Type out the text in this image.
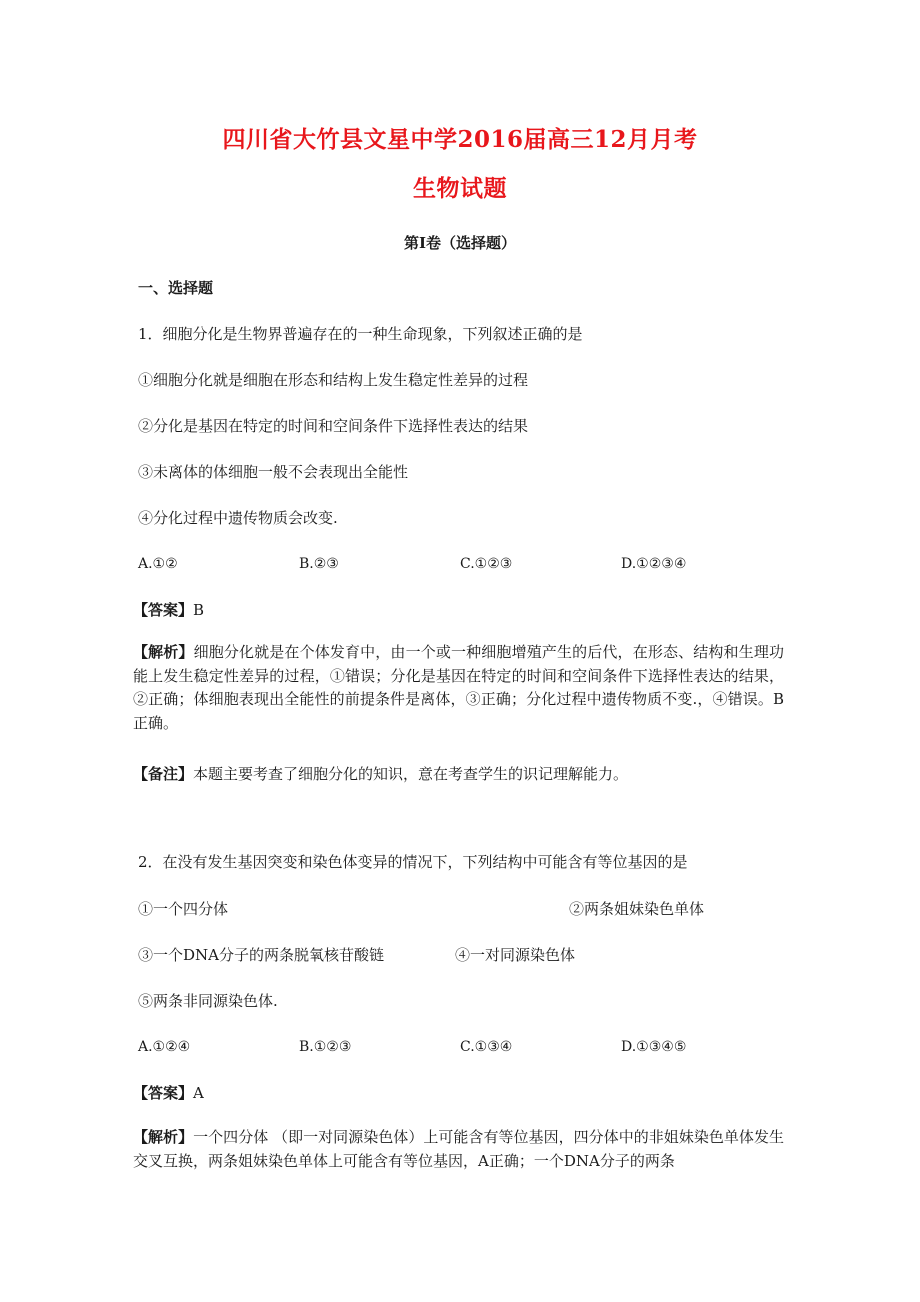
四川省大竹县文星中学2016届高三12月月考
生物试题
第Ⅰ卷（选择题）
一、选择题
1．细胞分化是生物界普遍存在的一种生命现象，下列叙述正确的是
①细胞分化就是细胞在形态和结构上发生稳定性差异的过程
②分化是基因在特定的时间和空间条件下选择性表达的结果
③未离体的体细胞一般不会表现出全能性
④分化过程中遗传物质会改变.
A.①②	B.②③	C.①②③	D.①②③④
【答案】B
【解析】细胞分化就是在个体发育中，由一个或一种细胞增殖产生的后代，在形态、结构和生理功能上发生稳定性差异的过程，①错误；分化是基因在特定的时间和空间条件下选择性表达的结果，②正确；体细胞表现出全能性的前提条件是离体，③正确；分化过程中遗传物质不变.，④错误。B正确。
【备注】本题主要考查了细胞分化的知识，意在考查学生的识记理解能力。
2．在没有发生基因突变和染色体变异的情况下，下列结构中可能含有等位基因的是
①一个四分体	②两条姐妹染色单体
③一个DNA分子的两条脱氧核苷酸链	④一对同源染色体
⑤两条非同源染色体.
A.①②④	B.①②③	C.①③④	D.①③④⑤
【答案】A
【解析】一个四分体 （即一对同源染色体）上可能含有等位基因，四分体中的非姐妹染色单体发生交叉互换，两条姐妹染色单体上可能含有等位基因，A正确；一个DNA分子的两条
